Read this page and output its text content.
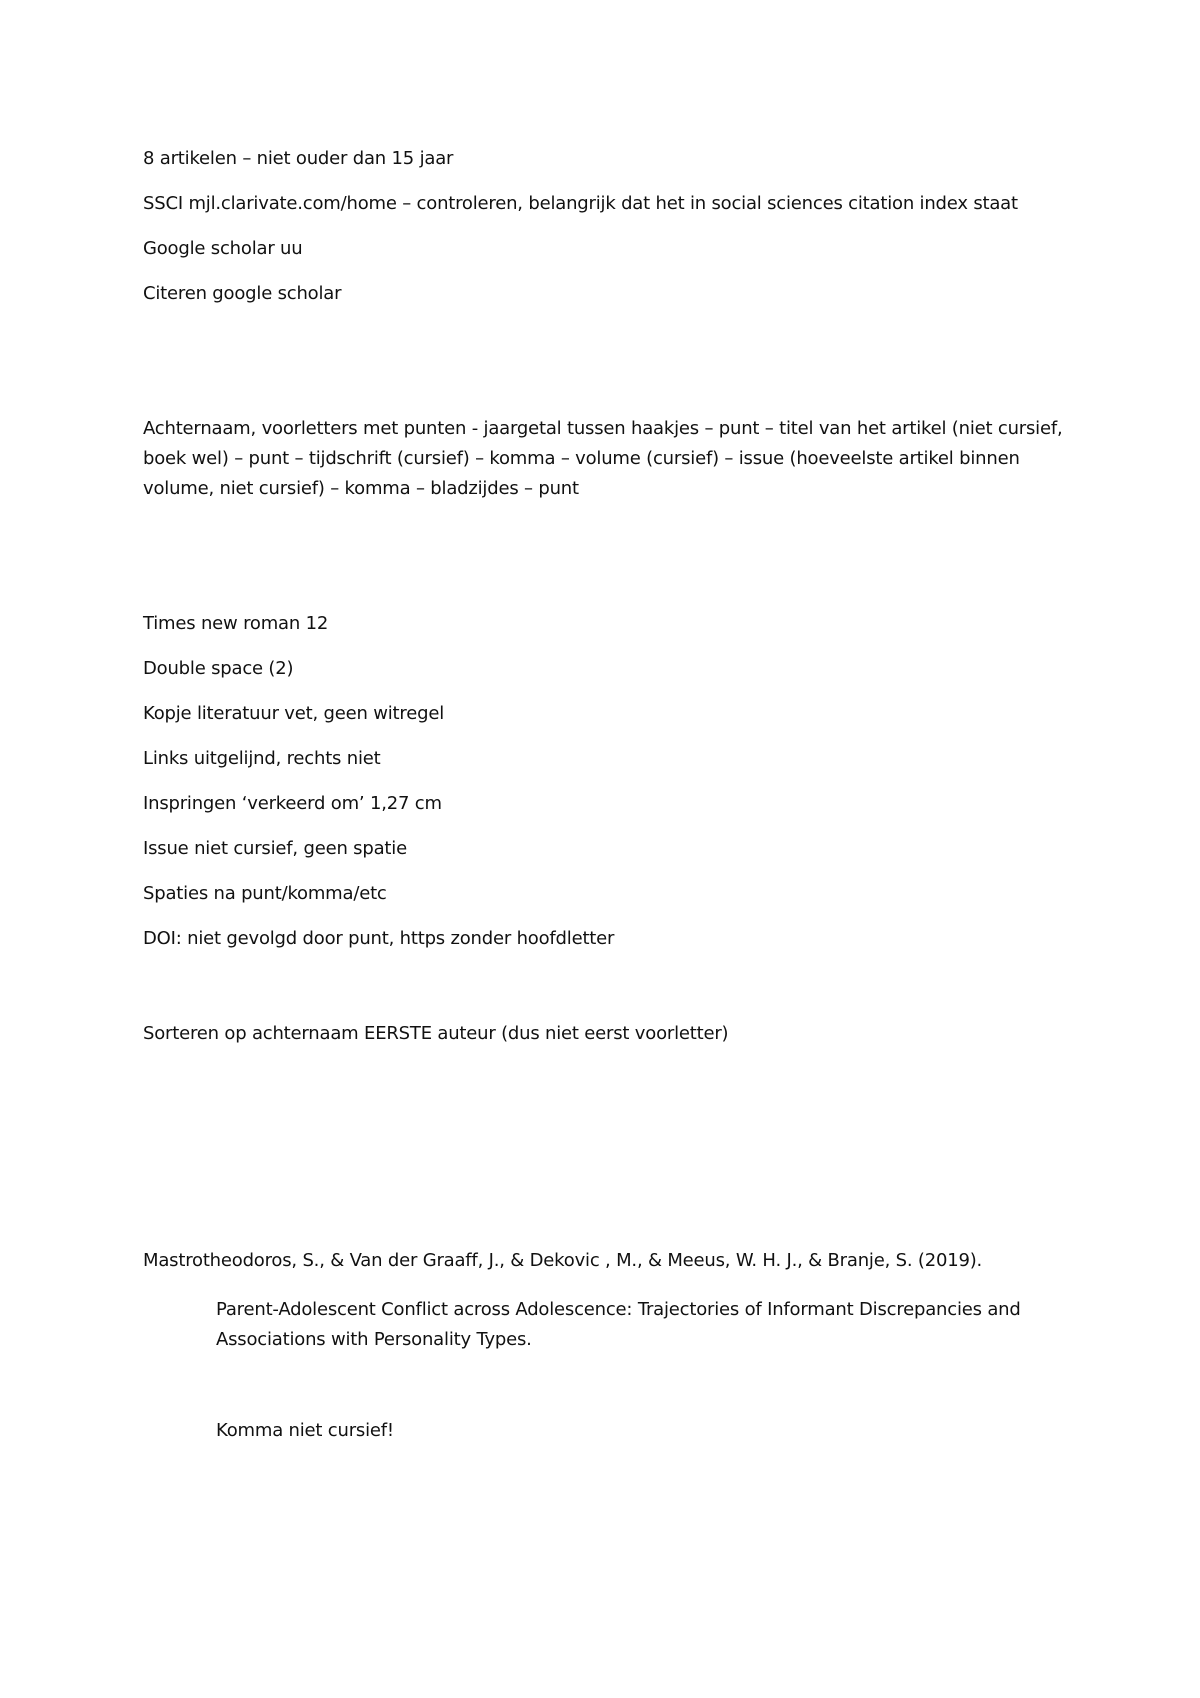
8 artikelen – niet ouder dan 15 jaar

SSCI mjl.clarivate.com/home – controleren, belangrijk dat het in social sciences citation index staat

Google scholar uu

Citeren google scholar

Achternaam, voorletters met punten - jaargetal tussen haakjes – punt – titel van het artikel (niet cursief, boek wel) – punt – tijdschrift (cursief) – komma – volume (cursief) – issue (hoeveelste artikel binnen volume, niet cursief) – komma – bladzijdes – punt

Times new roman 12

Double space (2)

Kopje literatuur vet, geen witregel

Links uitgelijnd, rechts niet

Inspringen ‘verkeerd om’ 1,27 cm

Issue niet cursief, geen spatie

Spaties na punt/komma/etc

DOI: niet gevolgd door punt, https zonder hoofdletter

Sorteren op achternaam EERSTE auteur (dus niet eerst voorletter)

Mastrotheodoros, S., & Van der Graaff, J., & Dekovic , M., & Meeus, W. H. J., & Branje, S. (2019).

Parent-Adolescent Conflict across Adolescence: Trajectories of Informant Discrepancies and Associations with Personality Types.

Komma niet cursief!
